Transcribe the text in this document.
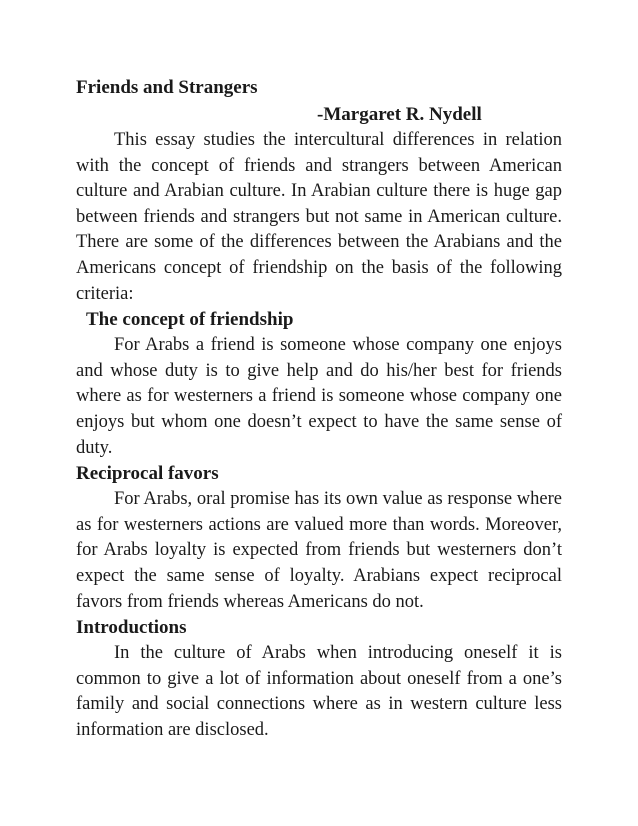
Friends and Strangers

-Margaret R. Nydell

This essay studies the intercultural differences in relation with the concept of friends and strangers between American culture and Arabian culture. In Arabian culture there is huge gap between friends and strangers but not same in American culture. There are some of the differences between the Arabians and the Americans concept of friendship on the basis of the following criteria:

The concept of friendship

For Arabs a friend is someone whose company one enjoys and whose duty is to give help and do his/her best for friends where as for westerners a friend is someone whose company one enjoys but whom one doesn’t expect to have the same sense of duty.

Reciprocal favors

For Arabs, oral promise has its own value as response where as for westerners actions are valued more than words. Moreover, for Arabs loyalty is expected from friends but westerners don’t expect the same sense of loyalty. Arabians expect reciprocal favors from friends whereas Americans do not.

Introductions

In the culture of Arabs when introducing oneself it is common to give a lot of information about oneself from a one’s family and social connections where as in western culture less information are disclosed.
